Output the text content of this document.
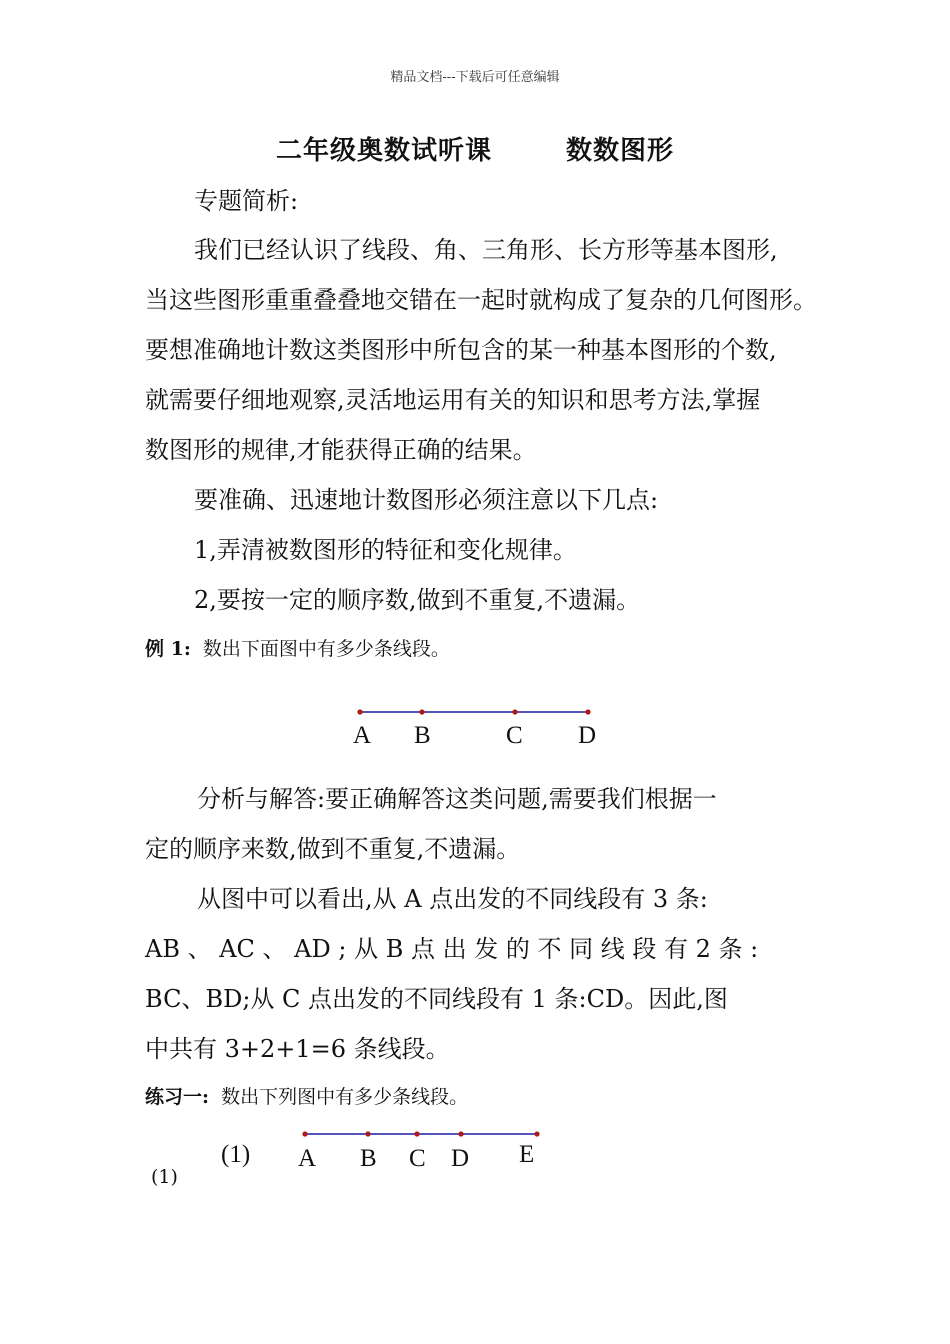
精品文档---下载后可任意编辑
二年级奥数试听课	数数图形
专题简析:
我们已经认识了线段、角、三角形、长方形等基本图形,
当这些图形重重叠叠地交错在一起时就构成了复杂的几何图形。
要想准确地计数这类图形中所包含的某一种基本图形的个数,
就需要仔细地观察,灵活地运用有关的知识和思考方法,掌握
数图形的规律,才能获得正确的结果。
要准确、迅速地计数图形必须注意以下几点:
1,弄清被数图形的特征和变化规律。
2,要按一定的顺序数,做到不重复,不遗漏。
例 1: 数出下面图中有多少条线段。
A B	C D
分析与解答:要正确解答这类问题,需要我们根据一
定的顺序来数,做到不重复,不遗漏。
从图中可以看出,从 A 点出发的不同线段有 3 条:
AB 、 AC 、 AD ; 从 B 点 出 发 的 不 同 线 段 有 2 条 :
BC、BD;从 C 点出发的不同线段有 1 条:CD。因此,图
中共有 3+2+1=6 条线段。
练习一: 数出下列图中有多少条线段。
(1) A B C D E
(1)
